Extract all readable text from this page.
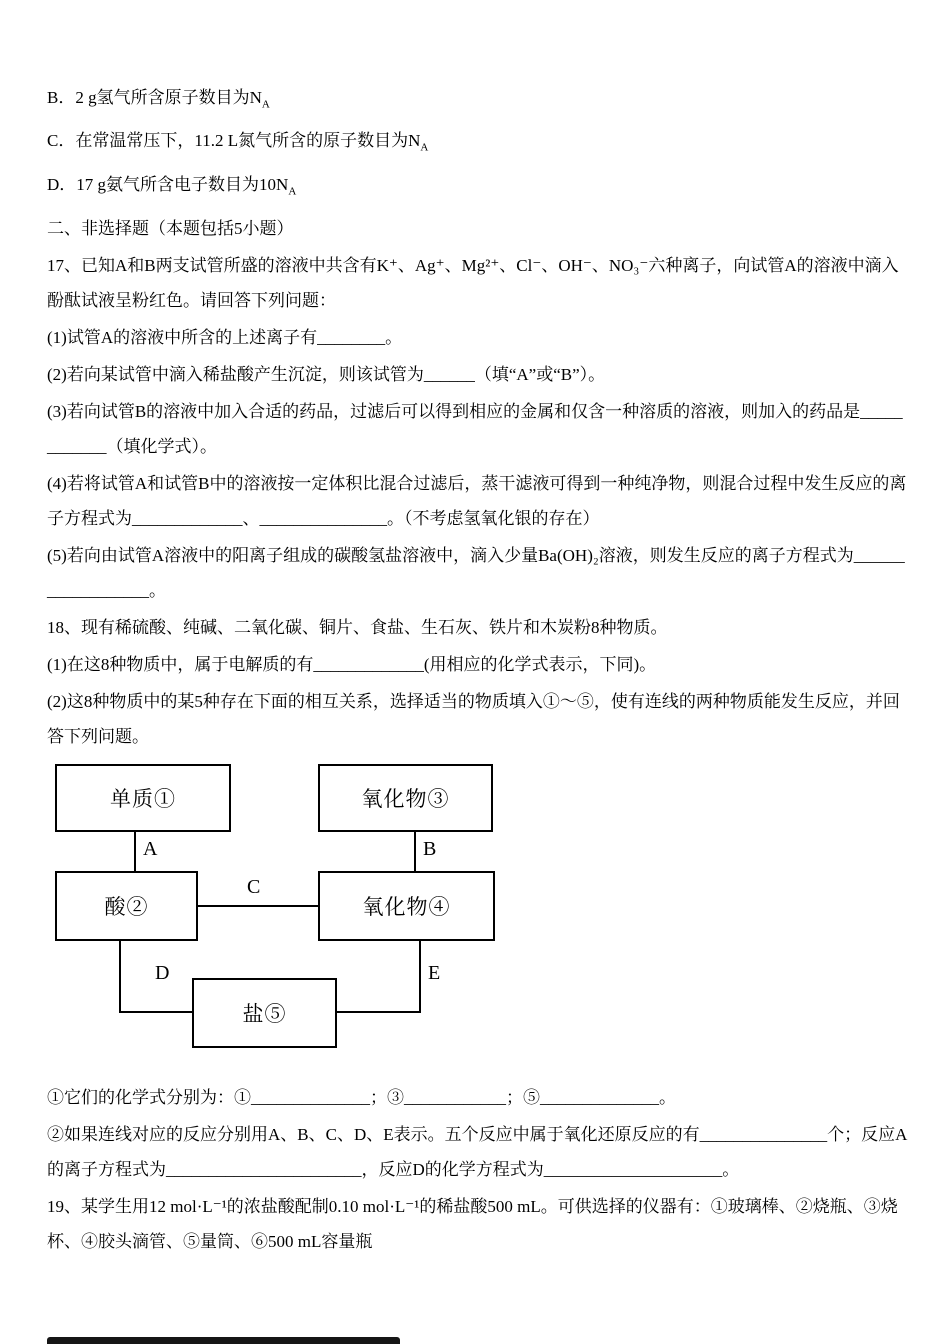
B．2 g氢气所含原子数目为$N_A$

C．在常温常压下，11.2 L氮气所含的原子数目为$N_A$

D．17 g氨气所含电子数目为$10N_A$

二、非选择题（本题包括5小题）

17、已知A和B两支试管所盛的溶液中共含有K⁺、Ag⁺、Mg²⁺、Cl⁻、OH⁻、NO₃⁻六种离子，向试管A的溶液中滴入酚酞试液呈粉红色。请回答下列问题：

(1)试管A的溶液中所含的上述离子有________。

(2)若向某试管中滴入稀盐酸产生沉淀，则该试管为______（填“A”或“B”）。

(3)若向试管B的溶液中加入合适的药品，过滤后可以得到相应的金属和仅含一种溶质的溶液，则加入的药品是____________（填化学式）。

(4)若将试管A和试管B中的溶液按一定体积比混合过滤后，蒸干滤液可得到一种纯净物，则混合过程中发生反应的离子方程式为_____________、_______________。（不考虑氢氧化银的存在）

(5)若向由试管A溶液中的阳离子组成的碳酸氢盐溶液中，滴入少量Ba(OH)₂溶液，则发生反应的离子方程式为__________________。

18、现有稀硫酸、纯碱、二氧化碳、铜片、食盐、生石灰、铁片和木炭粉8种物质。

(1)在这8种物质中，属于电解质的有_____________(用相应的化学式表示，下同)。

(2)这8种物质中的某5种存在下面的相互关系，选择适当的物质填入①～⑤，使有连线的两种物质能发生反应，并回答下列问题。

单质①	氧化物③
酸②	氧化物④
盐⑤
A	B
C
D	E

①它们的化学式分别为：①______________；③____________；⑤______________。

②如果连线对应的反应分别用A、B、C、D、E表示。五个反应中属于氧化还原反应的有_______________个；反应A的离子方程式为_______________________，反应D的化学方程式为_____________________。

19、某学生用12 mol·L⁻¹的浓盐酸配制0.10 mol·L⁻¹的稀盐酸500 mL。可供选择的仪器有：①玻璃棒、②烧瓶、③烧杯、④胶头滴管、⑤量筒、⑥500 mL容量瓶
